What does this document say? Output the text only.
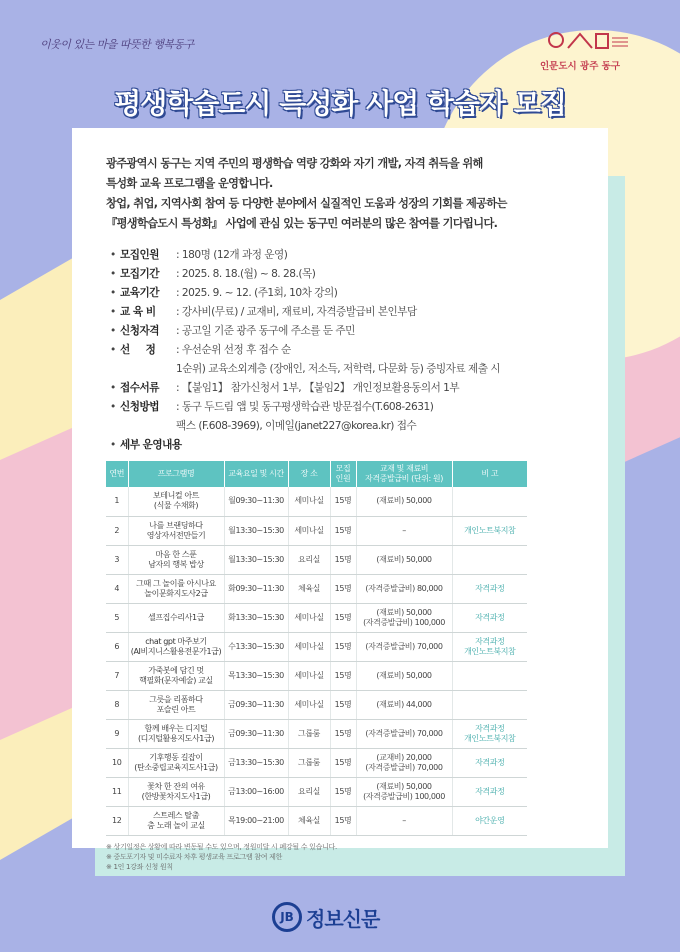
이웃이 있는 마을 따뜻한 행복동구
인문도시 광주 동구
평생학습도시 특성화 사업 학습자 모집

광주광역시 동구는 지역 주민의 평생학습 역량 강화와 자기 개발, 자격 취득을 위해

특성화 교육 프로그램을 운영합니다.

창업, 취업, 지역사회 참여 등 다양한 분야에서 실질적인 도움과 성장의 기회를 제공하는

『평생학습도시 특성화』 사업에 관심 있는 동구민 여러분의 많은 참여를 기다립니다.

• 모집인원	: 180명 (12개 과정 운영)
• 모집기간	: 2025. 8. 18.(월) ~ 8. 28.(목)
• 교육기간	: 2025. 9. ~ 12. (주1회, 10차 강의)
• 교 육 비	: 강사비(무료) / 교재비, 재료비, 자격증발급비 본인부담
• 신청자격	: 공고일 기준 광주 동구에 주소를 둔 주민
• 선     정	: 우선순위 선정 후 접수 순
1순위) 교육소외계층 (장애인, 저소득, 저학력, 다문화 등) 증빙자료 제출 시
• 접수서류	: 【붙임1】 참가신청서 1부, 【붙임2】 개인정보활용동의서 1부
• 신청방법	: 동구 두드림 앱 및 동구평생학습관 방문접수(T.608-2631)
팩스 (F.608-3969), 이메일(janet227@korea.kr) 접수
• 세부 운영내용
연번	프로그램명	교육요일 및 시간	장 소	모집
인원	교재 및 재료비
자격증발급비 (단위: 원)	비 고
1	보테니컬 아트
(식물 수채화)	월09:30~11:30	세미나실	15명	(재료비) 50,000	
2	나를 브랜딩하다
영상자서전만들기	월13:30~15:30	세미나실	15명	–	개인노트북지참
3	마음 한 스푼
남자의 행복 밥상	월13:30~15:30	요리실	15명	(재료비) 50,000	
4	그때 그 놀이를 아시나요
놀이문화지도사2급	화09:30~11:30	체육실	15명	(자격증발급비) 80,000	자격과정
5	셀프집수리사1급	화13:30~15:30	세미나실	15명	(재료비) 50,000
(자격증발급비) 100,000	자격과정
6	chat gpt 마주보기
(AI비지니스활용전문가1급)	수13:30~15:30	세미나실	15명	(자격증발급비) 70,000	자격과정
개인노트북지참
7	가죽봇에 담긴 멋
핵필화(문자예술) 교실	목13:30~15:30	세미나실	15명	(재료비) 50,000	
8	그릇을 리폼하다
포슬린 아트	금09:30~11:30	세미나실	15명	(재료비) 44,000	
9	함께 배우는 디지털
(디지털활용지도사1급)	금09:30~11:30	그룹룸	15명	(자격증발급비) 70,000	자격과정
개인노트북지참
10	기후행동 길잡이
(탄소중립교육지도사1급)	금13:30~15:30	그룹룸	15명	(교재비) 20,000
(자격증발급비) 70,000	자격과정
11	꽃차 한 잔의 여유
(한방꽃차지도사1급)	금13:00~16:00	요리실	15명	(재료비) 50,000
(자격증발급비) 100,000	자격과정
12	스트레스 탈출
춤 노래 놀이 교실	목19:00~21:00	체육실	15명	–	야간운영
※ 상기일정은 상황에 따라 변동될 수도 있으며, 정원미달 시 폐강될 수 있습니다.
※ 중도포기자 및 미수료자 차후 평생교육 프로그램 참여 제한
※ 1인 1강좌 신청 원칙
JB 정보신문
